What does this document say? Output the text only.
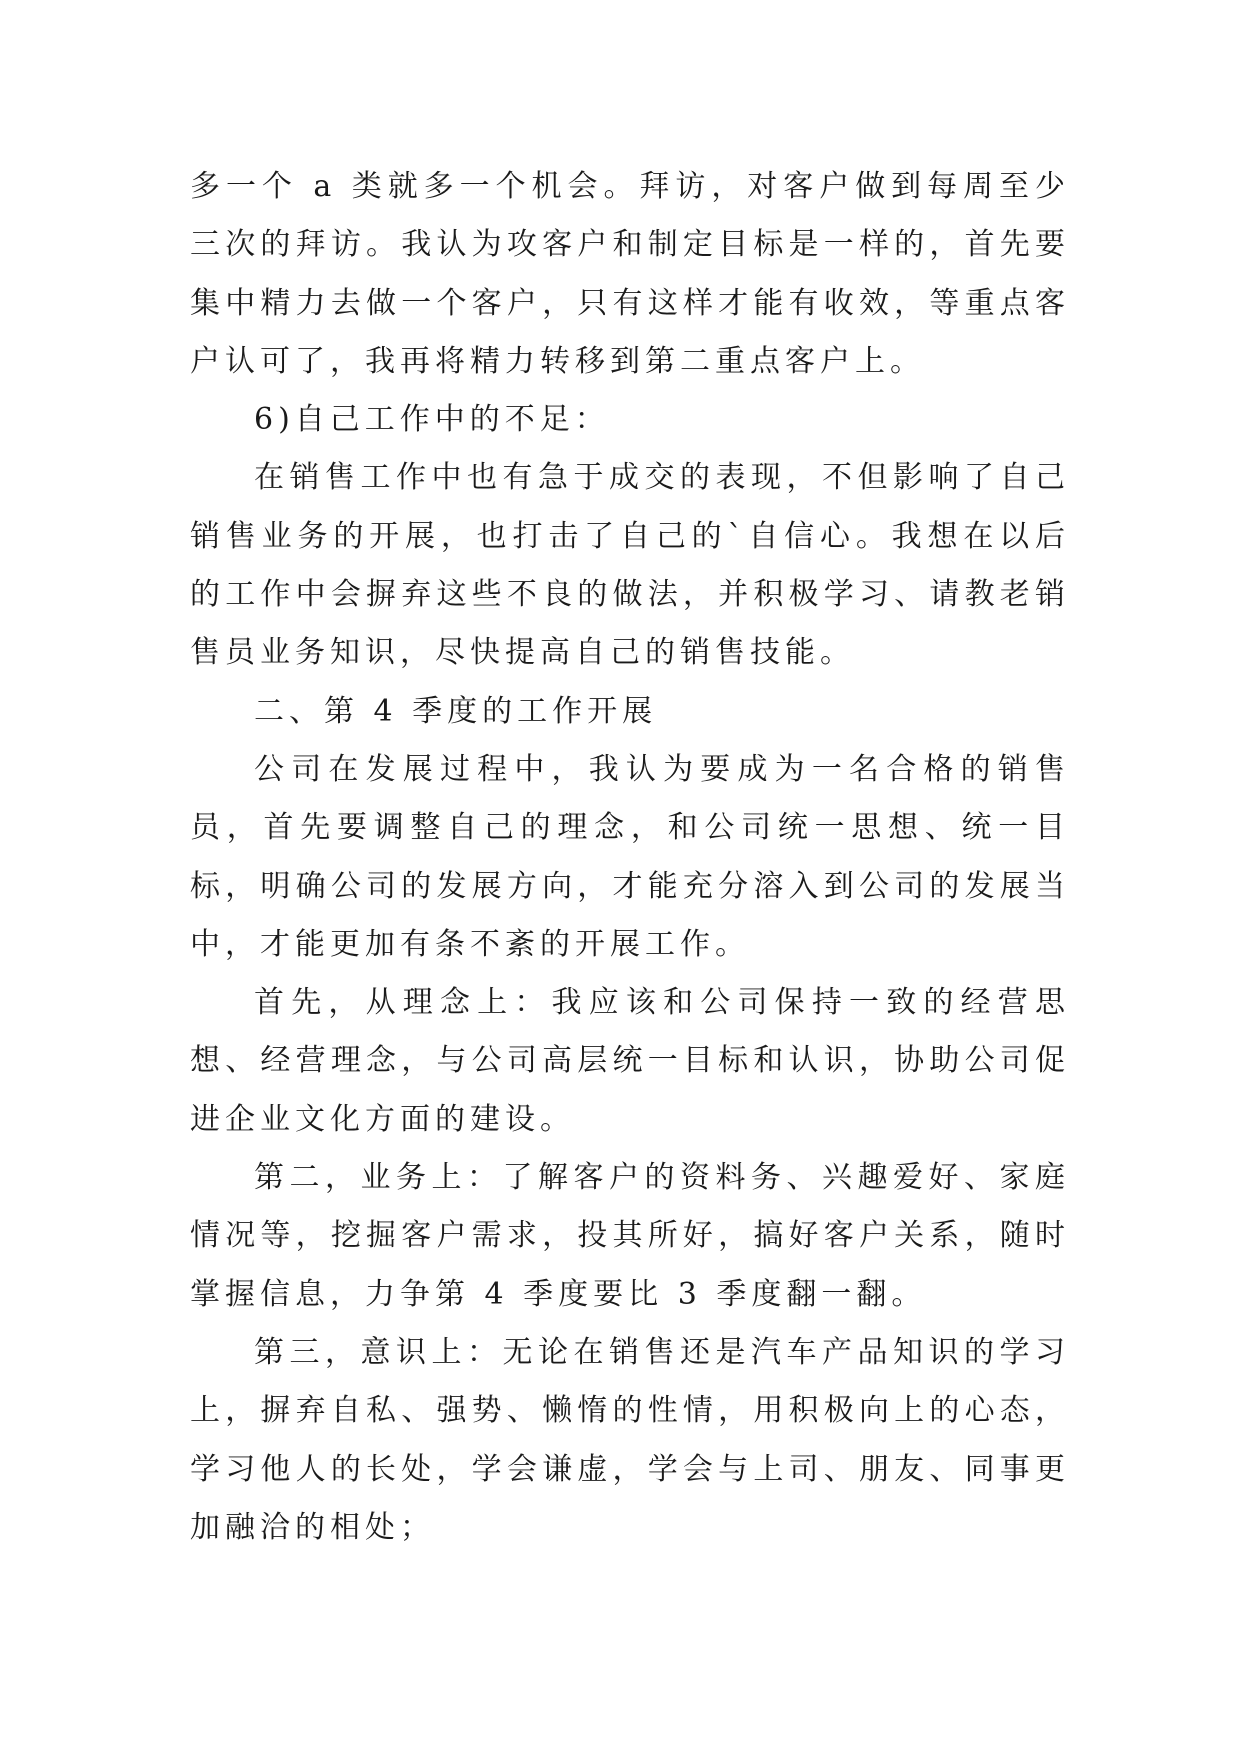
多一个 a 类就多一个机会。拜访，对客户做到每周至少三次的拜访。我认为攻客户和制定目标是一样的，首先要集中精力去做一个客户，只有这样才能有收效，等重点客户认可了，我再将精力转移到第二重点客户上。

6)自己工作中的不足：

在销售工作中也有急于成交的表现，不但影响了自己销售业务的开展，也打击了自己的`自信心。我想在以后的工作中会摒弃这些不良的做法，并积极学习、请教老销售员业务知识，尽快提高自己的销售技能。

二、第 4 季度的工作开展

公司在发展过程中，我认为要成为一名合格的销售员，首先要调整自己的理念，和公司统一思想、统一目标，明确公司的发展方向，才能充分溶入到公司的发展当中，才能更加有条不紊的开展工作。

首先，从理念上：我应该和公司保持一致的经营思想、经营理念，与公司高层统一目标和认识，协助公司促进企业文化方面的建设。

第二，业务上：了解客户的资料务、兴趣爱好、家庭情况等，挖掘客户需求，投其所好，搞好客户关系，随时掌握信息，力争第 4 季度要比 3 季度翻一翻。

第三，意识上：无论在销售还是汽车产品知识的学习上，摒弃自私、强势、懒惰的性情，用积极向上的心态，学习他人的长处，学会谦虚，学会与上司、朋友、同事更加融洽的相处；
